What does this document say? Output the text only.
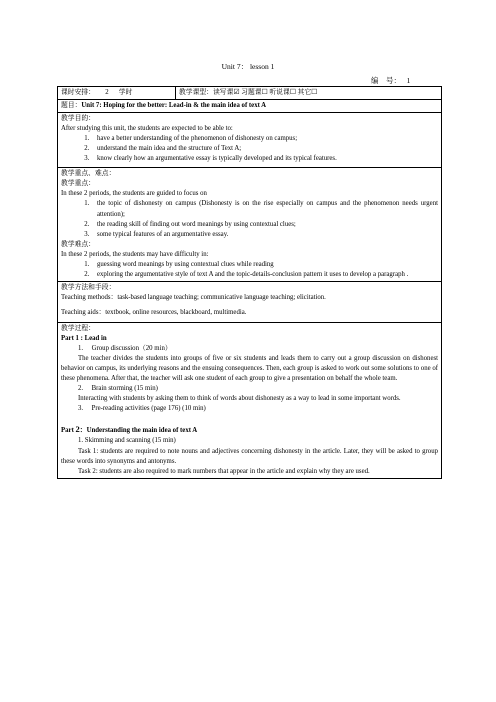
Unit 7： lesson 1
编    号： 1
课时安排： 2 学时	教学课型：读写课☑ 习题课☐ 听说课☐ 其它☐
题目：Unit 7: Hoping for the better: Lead-in & the main idea of text A

教学目的：

After studying this unit, the students are expected to be able to:

1. have a better understanding of the phenomenon of dishonesty on campus;
2. understand the main idea and the structure of Text A;
3. know clearly how an argumentative essay is typically developed and its typical features.

教学重点、难点：

教学重点：

In these 2 periods, the students are guided to focus on

1. the topic of dishonesty on campus (Dishonesty is on the rise especially on campus and the phenomenon needs urgent attention);
2. the reading skill of finding out word meanings by using contextual clues;
3. some typical features of an argumentative essay.

教学难点：

In these 2 periods, the students may have difficulty in:

1. guessing word meanings by using contextual clues while reading
2. exploring the argumentative style of text A and the topic-details-conclusion pattern it uses to develop a paragraph .

教学方法和手段：

Teaching methods：task-based language teaching; communicative language teaching; elicitation.

Teaching aids：textbook, online resources, blackboard, multimedia.

教学过程：

Part 1 : Lead in

1.     Group discussion（20 min）

The teacher divides the students into groups of five or six students and leads them to carry out a group discussion on dishonest behavior on campus, its underlying reasons and the ensuing consequences. Then, each group is asked to work out some solutions to one of these phenomena. After that, the teacher will ask one student of each group to give a presentation on behalf the whole team.

2.     Brain storming (15 min)

Interacting with students by asking them to think of words about dishonesty as a way to lead in some important words.

3.     Pre-reading activities (page 176) (10 min)

Part 2：Understanding the main idea of text A

1. Skimming and scanning (15 min)

Task 1: students are required to note nouns and adjectives concerning dishonesty in the article. Later, they will be asked to group these words into synonyms and antonyms.

Task 2: students are also required to mark numbers that appear in the article and explain why they are used.
